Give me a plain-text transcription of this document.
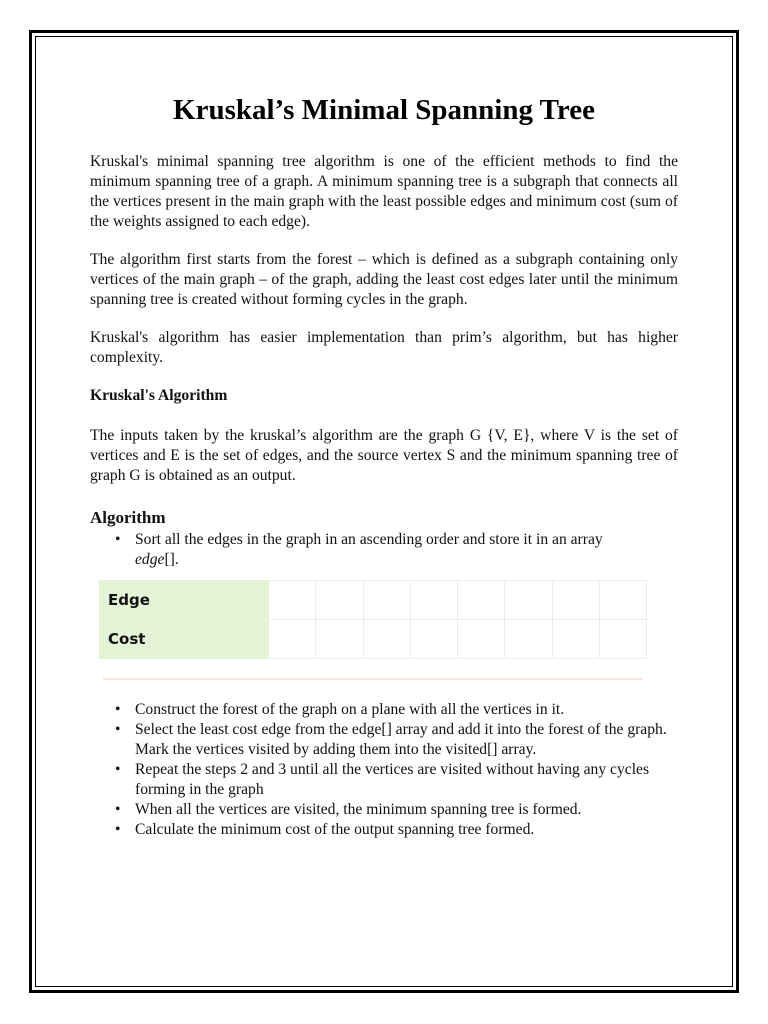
Kruskal’s Minimal Spanning Tree

Kruskal's minimal spanning tree algorithm is one of the efficient methods to find the minimum spanning tree of a graph. A minimum spanning tree is a subgraph that connects all the vertices present in the main graph with the least possible edges and minimum cost (sum of the weights assigned to each edge).

The algorithm first starts from the forest – which is defined as a subgraph containing only vertices of the main graph – of the graph, adding the least cost edges later until the minimum spanning tree is created without forming cycles in the graph.

Kruskal's algorithm has easier implementation than prim’s algorithm, but has higher complexity.

Kruskal's Algorithm

The inputs taken by the kruskal’s algorithm are the graph G {V, E}, where V is the set of vertices and E is the set of edges, and the source vertex S and the minimum spanning tree of graph G is obtained as an output.

Algorithm
• Sort all the edges in the graph in an ascending order and store it in an array edge[].
Edge								
Cost								
• Construct the forest of the graph on a plane with all the vertices in it.
• Select the least cost edge from the edge[] array and add it into the forest of the graph. Mark the vertices visited by adding them into the visited[] array.
• Repeat the steps 2 and 3 until all the vertices are visited without having any cycles forming in the graph
• When all the vertices are visited, the minimum spanning tree is formed.
• Calculate the minimum cost of the output spanning tree formed.
